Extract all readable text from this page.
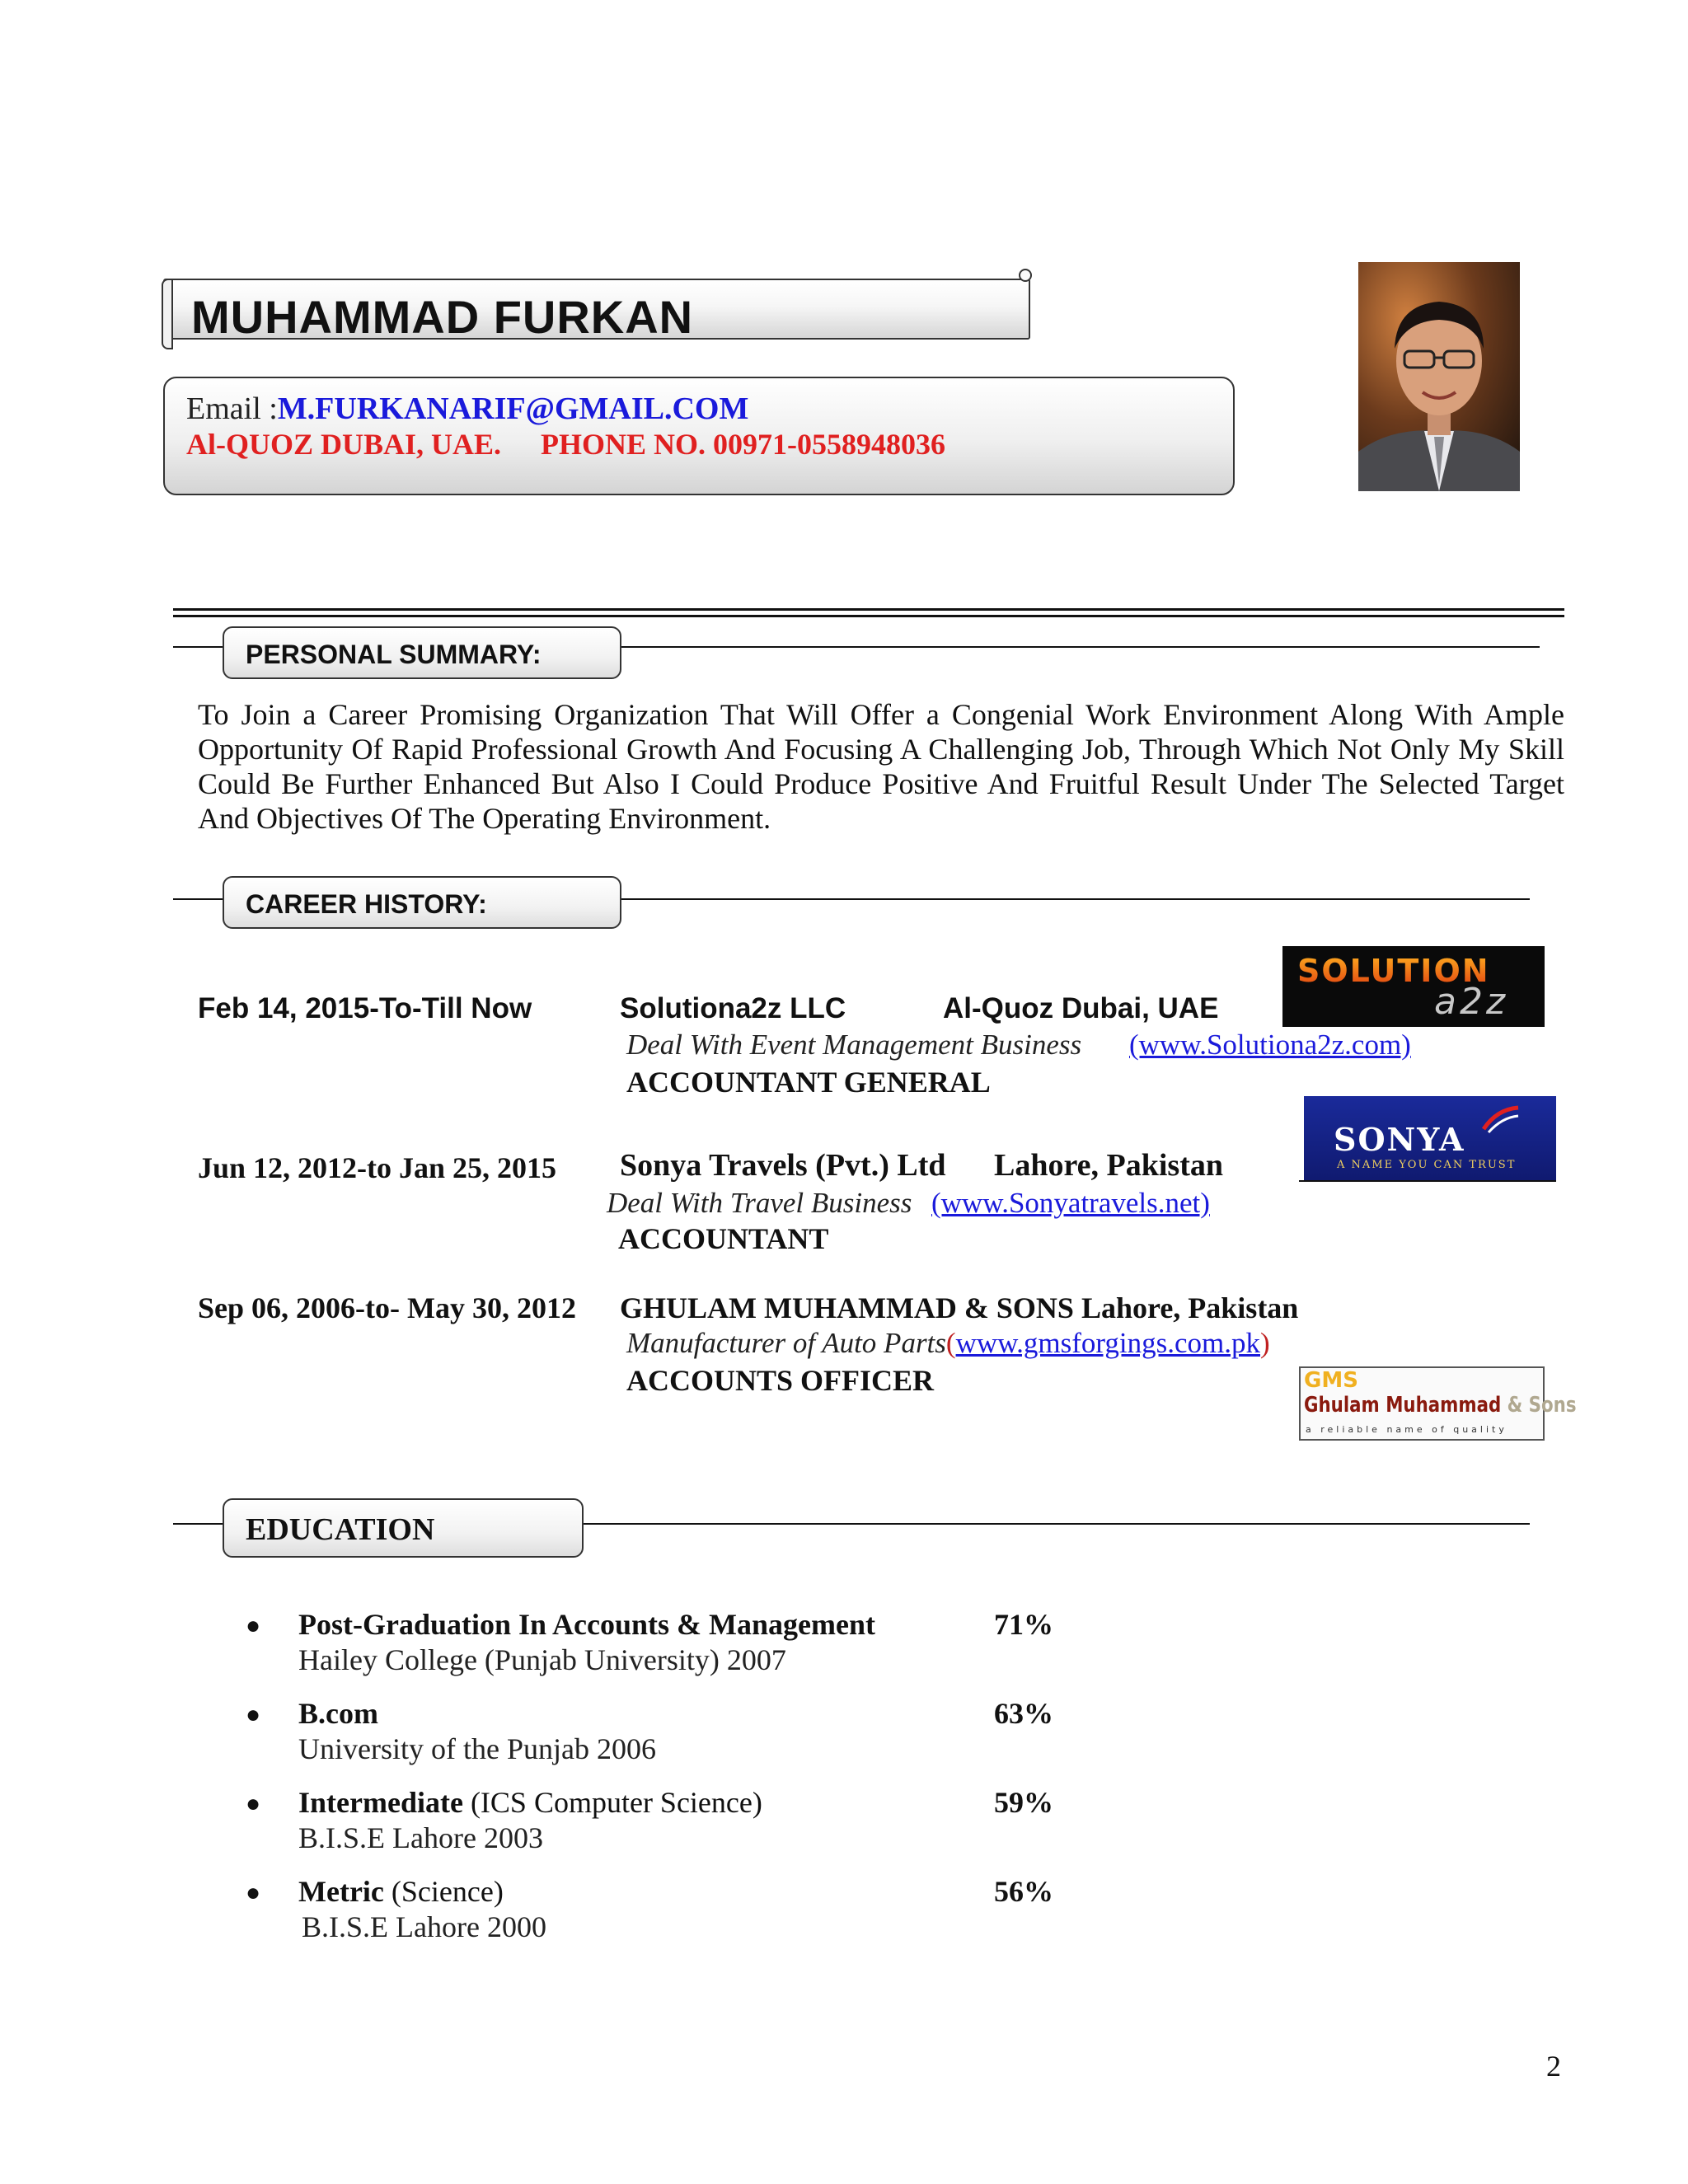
MUHAMMAD FURKAN
Email :M.FURKANARIF@GMAIL.COM
Al-QUOZ DUBAI, UAE. PHONE NO. 00971-0558948036
PERSONAL SUMMARY:
To Join a Career Promising Organization That Will Offer a Congenial Work Environment Along With Ample Opportunity Of Rapid Professional Growth And Focusing A Challenging Job, Through Which Not Only My Skill Could Be Further Enhanced But Also I Could Produce Positive And Fruitful Result Under The Selected Target And Objectives Of The Operating Environment.
CAREER HISTORY:
Feb 14, 2015-To-Till Now	Solutiona2z LLC	Al-Quoz Dubai, UAE
Deal With Event Management Business (www.Solutiona2z.com)
ACCOUNTANT GENERAL
SOLUTION
a2z
Jun 12, 2012-to Jan 25, 2015 Sonya Travels (Pvt.) Ltd Lahore, Pakistan
Deal With Travel Business (www.Sonyatravels.net)
ACCOUNTANT
SONYA
A NAME YOU CAN TRUST
Sep 06, 2006-to- May 30, 2012 GHULAM MUHAMMAD & SONS Lahore, Pakistan
Manufacturer of Auto Parts(www.gmsforgings.com.pk)
ACCOUNTS OFFICER	GMS
Ghulam Muhammad & Sons
a reliable name of quality
EDUCATION
● Post-Graduation In Accounts & Management	71%
Hailey College (Punjab University) 2007
● B.com	63%
University of the Punjab 2006
● Intermediate (ICS Computer Science)	59%
B.I.S.E Lahore 2003
● Metric (Science)	56%
B.I.S.E Lahore 2000
2
